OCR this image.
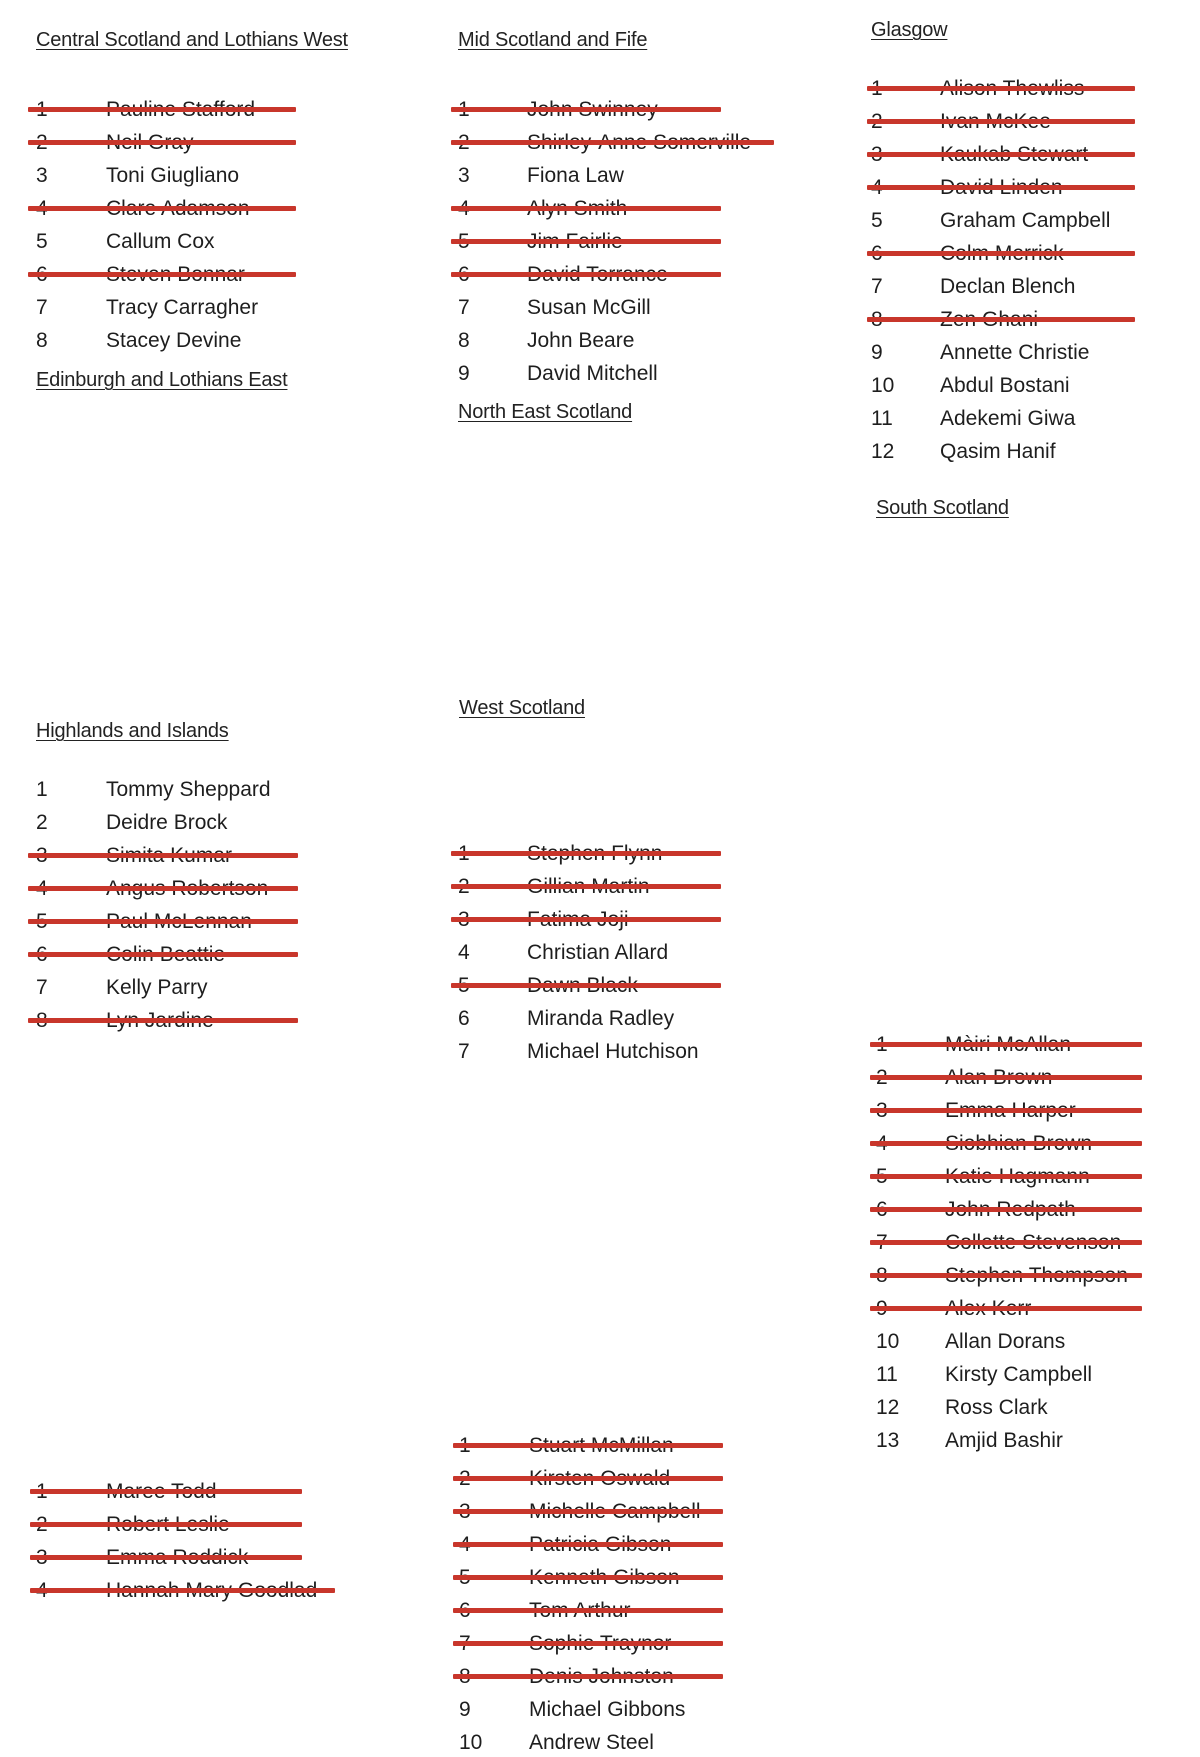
Central Scotland and Lothians West
3	Toni Giugliano
5	Callum Cox
7	Tracy Carragher
8	Stacey Devine
Edinburgh and Lothians East
1	Tommy Sheppard
2	Deidre Brock
7	Kelly Parry
Highlands and Islands
Mid Scotland and Fife
3	Fiona Law
7	Susan McGill
8	John Beare
9	David Mitchell
North East Scotland
4	Christian Allard
6	Miranda Radley
7	Michael Hutchison
West Scotland
9	Michael Gibbons
10 Andrew Steel
Glasgow
5	Graham Campbell
7	Declan Blench
9	Annette Christie
10 Abdul Bostani
11 Adekemi Giwa
12 Qasim Hanif
South Scotland
10 Allan Dorans
11 Kirsty Campbell
12 Ross Clark
13 Amjid Bashir
